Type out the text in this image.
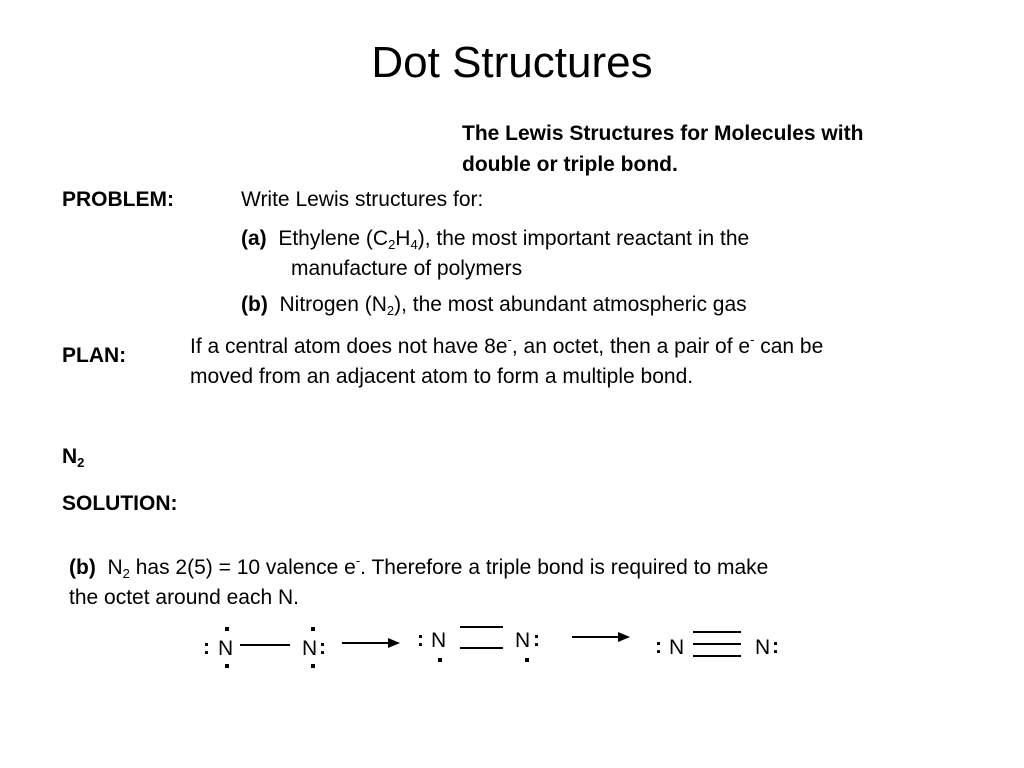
Dot Structures
The Lewis Structures for Molecules with
double or triple bond.
PROBLEM:	Write Lewis structures for:
(a) Ethylene $(C_2H_4)$, the most important reactant in the
manufacture of polymers
(b) Nitrogen $(N_2)$, the most abundant atmospheric gas
PLAN:	If a central atom does not have 8e-, an octet, then a pair of e- can be
moved from an adjacent atom to form a multiple bond.
$N_2$
SOLUTION:
(b) $N_2$ has 2(5) = 10 valence e-. Therefore a triple bond is required to make
the octet around each N.
: N	N :	: N	N :	: N	N :
